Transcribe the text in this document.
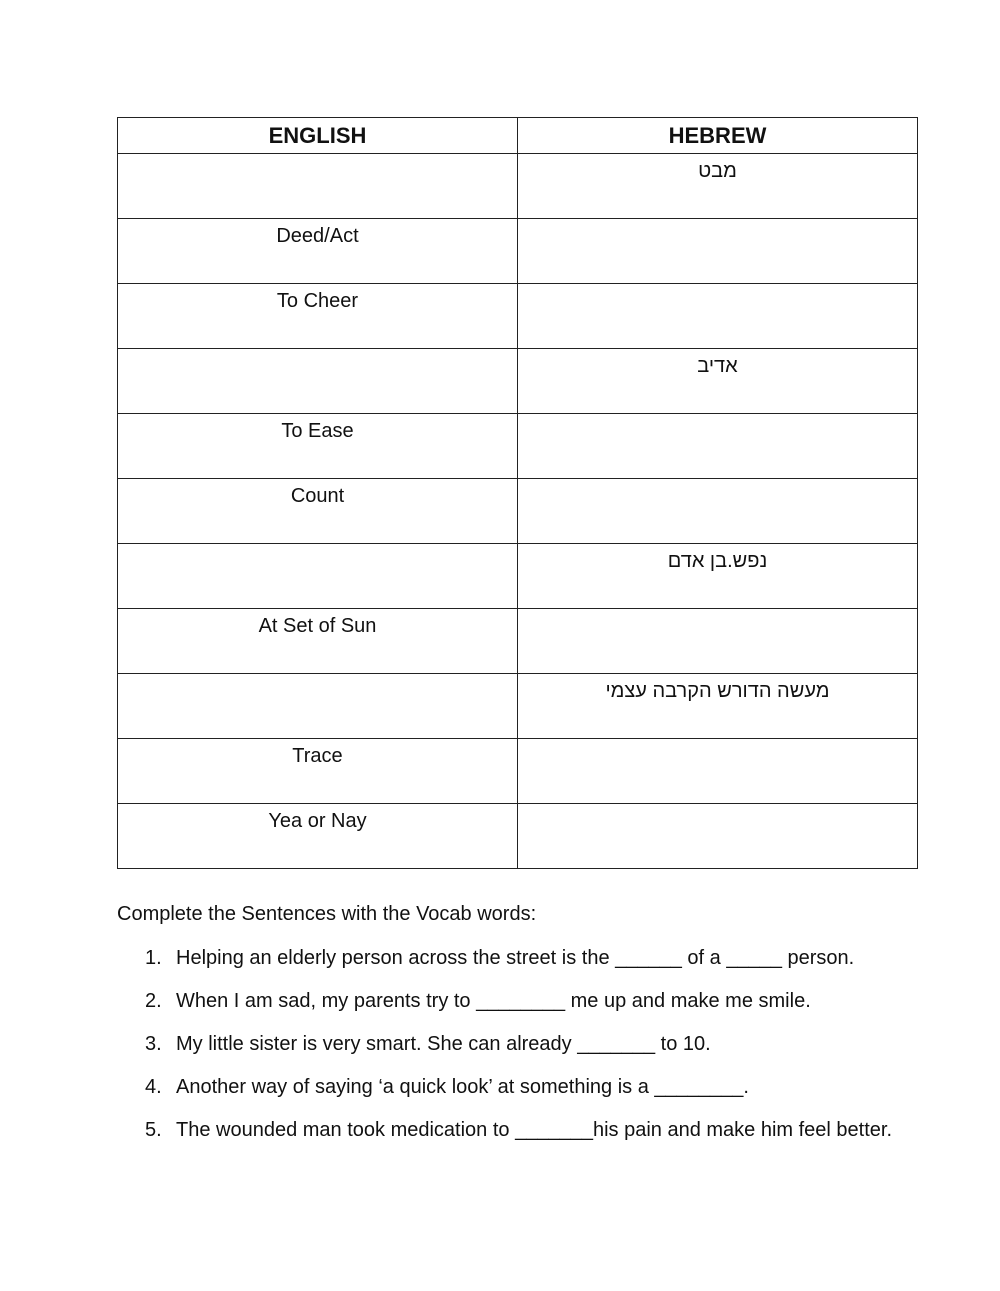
ENGLISH	HEBREW

	מבט

Deed/Act	

To Cheer	

	אדיב

To Ease	

Count	

	נפש.בן אדם

At Set of Sun	

	מעשה הדורש הקרבה עצמי

Trace	

Yea or Nay	

Complete the Sentences with the Vocab words:
1. Helping an elderly person across the street is the ______ of a _____ person.
2. When I am sad, my parents try to ________ me up and make me smile.
3. My little sister is very smart. She can already _______ to 10.
4. Another way of saying ‘a quick look’ at something is a ________.
5. The wounded man took medication to _______his pain and make him feel better.
